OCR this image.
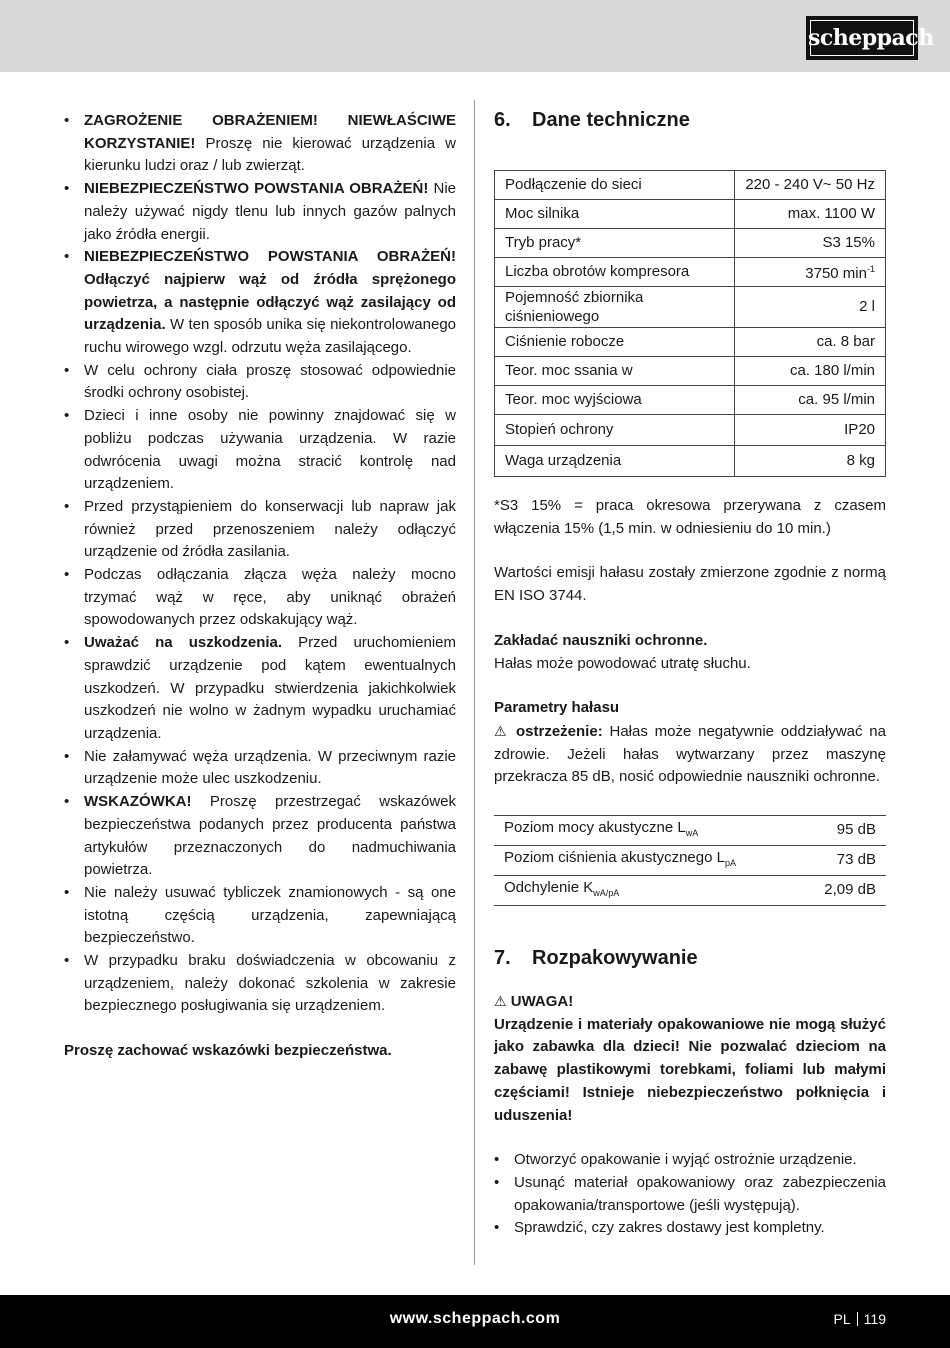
scheppach
• ZAGROŻENIE OBRAŻENIEM! NIEWŁAŚCIWE KORZYSTANIE! Proszę nie kierować urządzenia w kierunku ludzi oraz / lub zwierząt.
• NIEBEZPIECZEŃSTWO POWSTANIA OBRAŻEŃ! Nie należy używać nigdy tlenu lub innych gazów palnych jako źródła energii.
• NIEBEZPIECZEŃSTWO POWSTANIA OBRAŻEŃ! Odłączyć najpierw wąż od źródła sprężonego powietrza, a następnie odłączyć wąż zasilający od urządzenia. W ten sposób unika się niekontrolowanego ruchu wirowego wzgl. odrzutu węża zasilającego.
• W celu ochrony ciała proszę stosować odpowiednie środki ochrony osobistej.
• Dzieci i inne osoby nie powinny znajdować się w pobliżu podczas używania urządzenia. W razie odwrócenia uwagi można stracić kontrolę nad urządzeniem.
• Przed przystąpieniem do konserwacji lub napraw jak również przed przenoszeniem należy odłączyć urządzenie od źródła zasilania.
• Podczas odłączania złącza węża należy mocno trzymać wąż w ręce, aby uniknąć obrażeń spowodowanych przez odskakujący wąż.
• Uważać na uszkodzenia. Przed uruchomieniem sprawdzić urządzenie pod kątem ewentualnych uszkodzeń. W przypadku stwierdzenia jakichkolwiek uszkodzeń nie wolno w żadnym wypadku uruchamiać urządzenia.
• Nie załamywać węża urządzenia. W przeciwnym razie urządzenie może ulec uszkodzeniu.
• WSKAZÓWKA! Proszę przestrzegać wskazówek bezpieczeństwa podanych przez producenta państwa artykułów przeznaczonych do nadmuchiwania powietrza.
• Nie należy usuwać tybliczek znamionowych - są one istotną częścią urządzenia, zapewniającą bezpieczeństwo.
• W przypadku braku doświadczenia w obcowaniu z urządzeniem, należy dokonać szkolenia w zakresie bezpiecznego posługiwania się urządzeniem.
Proszę zachować wskazówki bezpieczeństwa.
6. Dane techniczne
Podłączenie do sieci	220 - 240 V~ 50 Hz
Moc silnika	max. 1100 W
Tryb pracy*	S3 15%
Liczba obrotów kompresora	3750 $\min^{-1}$
Pojemność zbiornika ciśnieniowego	2 l
Ciśnienie robocze	ca. 8 bar
Teor. moc ssania w	ca. 180 l/min
Teor. moc wyjściowa	ca. 95 l/min
Stopień ochrony	IP20
Waga urządzenia	8 kg

*S3 15% = praca okresowa przerywana z czasem włączenia 15% (1,5 min. w odniesieniu do 10 min.)

Wartości emisji hałasu zostały zmierzone zgodnie z normą EN ISO 3744.

Zakładać nauszniki ochronne.

Hałas może powodować utratę słuchu.

Parametry hałasu

⚠ ostrzeżenie: Hałas może negatywnie oddziaływać na zdrowie. Jeżeli hałas wytwarzany przez maszynę przekracza 85 dB, nosić odpowiednie nauszniki ochronne.

Poziom mocy akustyczne $L_{wA}$	95 dB
Poziom ciśnienia akustycznego $L_{pA}$	73 dB
Odchylenie $K_{wA/pA}$	2,09 dB
7. Rozpakowywanie

⚠ UWAGA!

Urządzenie i materiały opakowaniowe nie mogą służyć jako zabawka dla dzieci! Nie pozwalać dzieciom na zabawę plastikowymi torebkami, foliami lub małymi częściami! Istnieje niebezpieczeństwo połknięcia i uduszenia!

• Otworzyć opakowanie i wyjąć ostrożnie urządzenie.
• Usunąć materiał opakowaniowy oraz zabezpieczenia opakowania/transportowe (jeśli występują).
• Sprawdzić, czy zakres dostawy jest kompletny.
www.scheppach.com	PL 119
